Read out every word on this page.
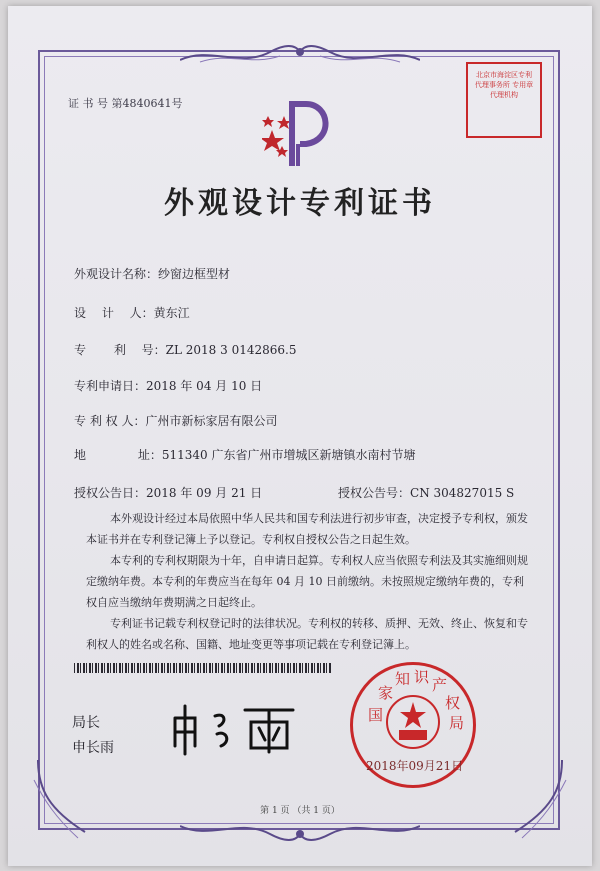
证 书 号 第4840641号
北京市海淀区专利代理事务所 专用章 代理机构
外观设计专利证书
外观设计名称：纱窗边框型材
设　 计　 人：黄东江
专　　 利　 号：ZL 2018 3 0142866.5
专利申请日：2018 年 04 月 10 日
专 利 权 人：广州市新标家居有限公司
地　　　　 址：511340 广东省广州市增城区新塘镇水南村节塘
授权公告日：2018 年 09 月 21 日	授权公告号：CN 304827015 S
本外观设计经过本局依照中华人民共和国专利法进行初步审查，决定授予专利权，颁发本证书并在专利登记簿上予以登记。专利权自授权公告之日起生效。
本专利的专利权期限为十年，自申请日起算。专利权人应当依照专利法及其实施细则规定缴纳年费。本专利的年费应当在每年 04 月 10 日前缴纳。未按照规定缴纳年费的，专利权自应当缴纳年费期满之日起终止。
专利证书记载专利权登记时的法律状况。专利权的转移、质押、无效、终止、恢复和专利权人的姓名或名称、国籍、地址变更等事项记载在专利登记簿上。
局长
申长雨
国
家
知 识 产
权
局
2018年09月21日
第 1 页 （共 1 页）
